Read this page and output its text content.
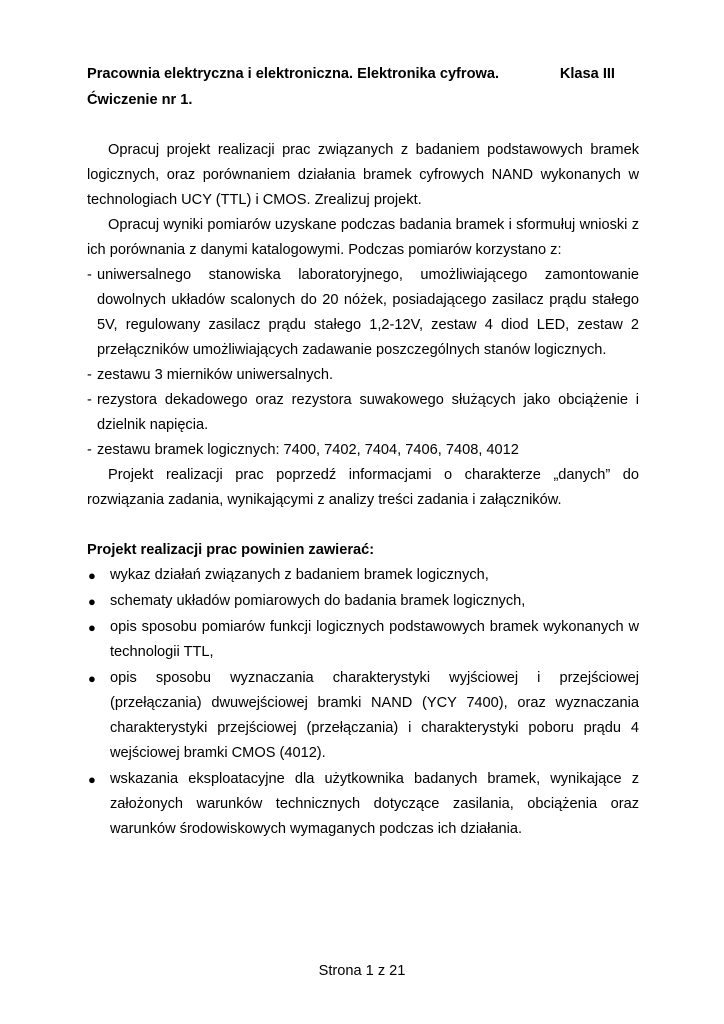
Pracownia elektryczna i elektroniczna. Elektronika cyfrowa.	Klasa III
Ćwiczenie nr 1.

Opracuj projekt realizacji prac związanych z badaniem podstawowych bramek logicznych, oraz porównaniem działania bramek cyfrowych NAND wykonanych w technologiach UCY (TTL) i CMOS. Zrealizuj projekt.

Opracuj wyniki pomiarów uzyskane podczas badania bramek i sformułuj wnioski z ich porównania z danymi katalogowymi. Podczas pomiarów korzystano z:

- uniwersalnego stanowiska laboratoryjnego, umożliwiającego zamontowanie dowolnych układów scalonych do 20 nóżek, posiadającego zasilacz prądu stałego 5V, regulowany zasilacz prądu stałego 1,2-12V, zestaw 4 diod LED, zestaw 2 przełączników umożliwiających zadawanie poszczególnych stanów logicznych.
- zestawu 3 mierników uniwersalnych.
- rezystora dekadowego oraz rezystora suwakowego służących jako obciążenie i dzielnik napięcia.
- zestawu bramek logicznych: 7400, 7402, 7404, 7406, 7408, 4012

Projekt realizacji prac poprzedź informacjami o charakterze „danych” do rozwiązania zadania, wynikającymi z analizy treści zadania i załączników.

Projekt realizacji prac powinien zawierać:
● wykaz działań związanych z badaniem bramek logicznych,
● schematy układów pomiarowych do badania bramek logicznych,
● opis sposobu pomiarów funkcji logicznych podstawowych bramek wykonanych w technologii TTL,
● opis sposobu wyznaczania charakterystyki wyjściowej i przejściowej (przełączania) dwuwejściowej bramki NAND (YCY 7400), oraz wyznaczania charakterystyki przejściowej (przełączania) i charakterystyki poboru prądu 4 wejściowej bramki CMOS (4012).
● wskazania eksploatacyjne dla użytkownika badanych bramek, wynikające z założonych warunków technicznych dotyczące zasilania, obciążenia oraz warunków środowiskowych wymaganych podczas ich działania.
Strona 1 z 21
